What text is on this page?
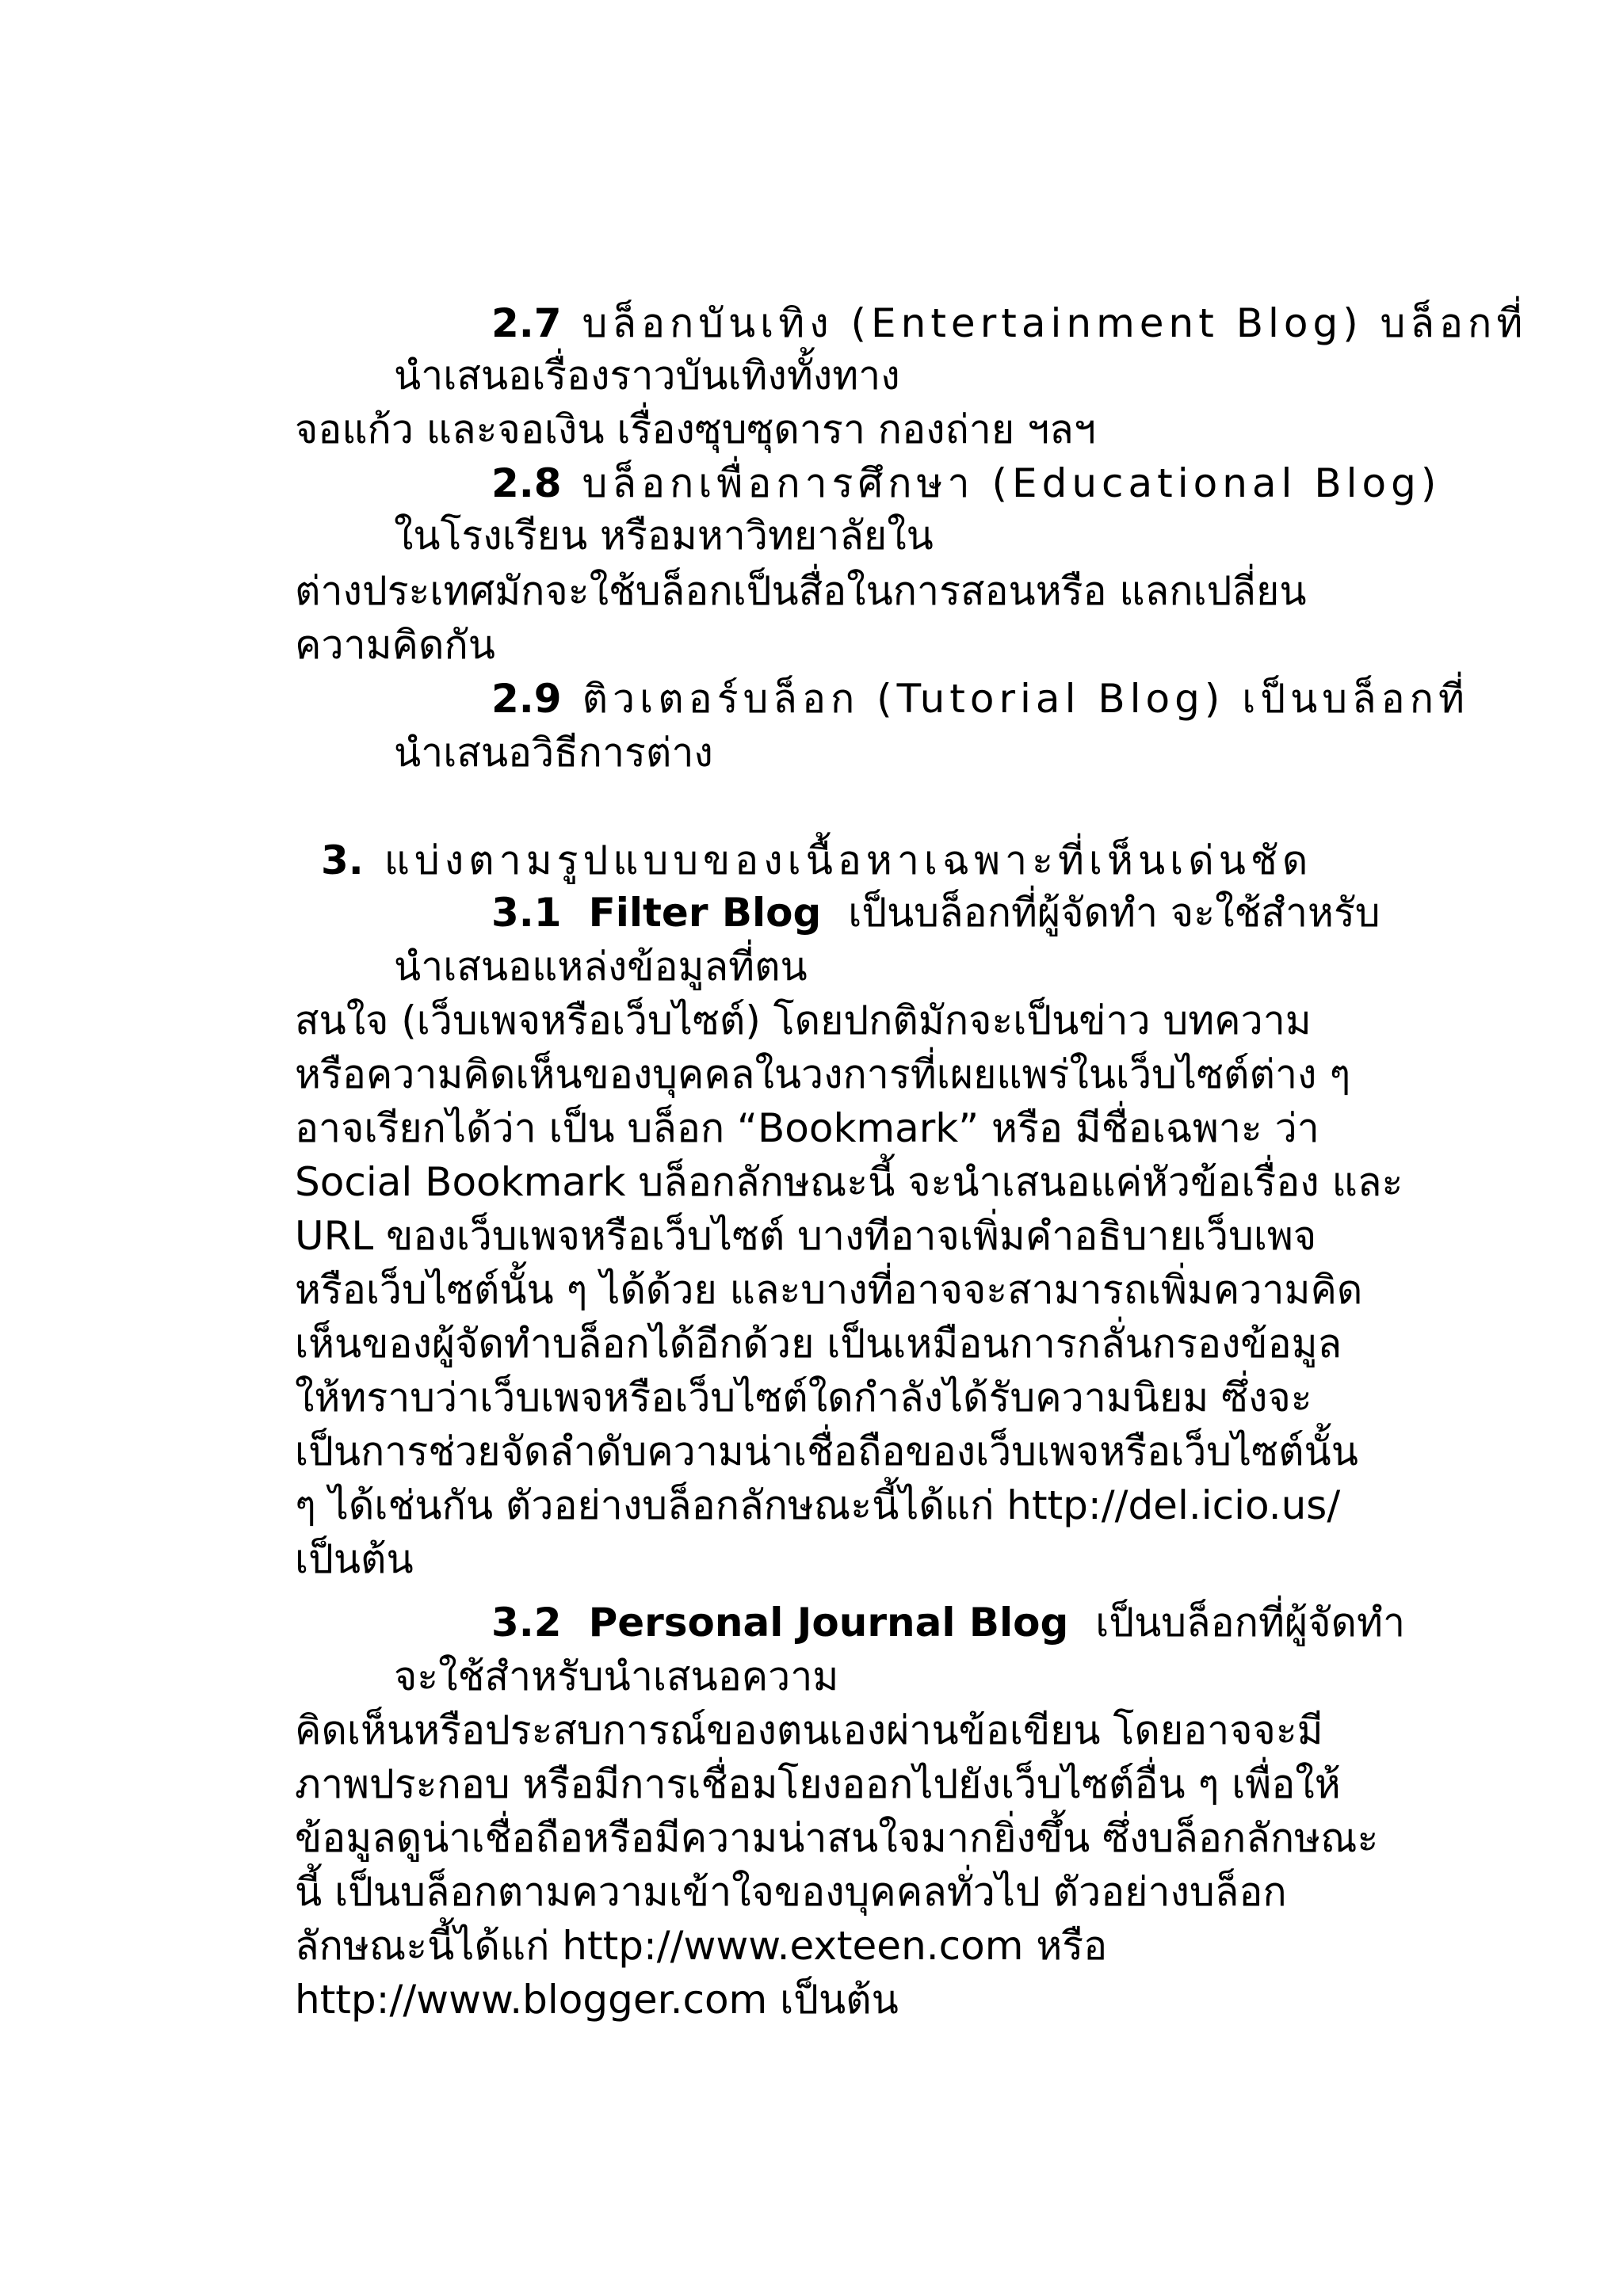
2.7 บล็อกบันเทิง (Entertainment Blog) บล็อกที่
นำเสนอเรื่องราวบันเทิงทั้งทาง
จอแก้ว และจอเงิน เรื่องซุบซุดารา กองถ่าย ฯลฯ
2.8 บล็อกเพื่อการศึกษา (Educational Blog)
ในโรงเรียน หรือมหาวิทยาลัยใน
ต่างประเทศมักจะใช้บล็อกเป็นสื่อในการสอนหรือ แลกเปลี่ยน
ความคิดกัน
2.9 ติวเตอร์บล็อก (Tutorial Blog) เป็นบล็อกที่
นำเสนอวิธีการต่าง
3. แบ่งตามรูปแบบของเนื้อหาเฉพาะที่เห็นเด่นชัด
3.1 Filter Blog เป็นบล็อกที่ผู้จัดทำ จะใช้สำหรับ
นำเสนอแหล่งข้อมูลที่ตน
สนใจ (เว็บเพจหรือเว็บไซต์) โดยปกติมักจะเป็นข่าว บทความ
หรือความคิดเห็นของบุคคลในวงการที่เผยแพร่ในเว็บไซต์ต่าง ๆ
อาจเรียกได้ว่า เป็น บล็อก “Bookmark” หรือ มีชื่อเฉพาะ ว่า
Social Bookmark บล็อกลักษณะนี้ จะนำเสนอแค่หัวข้อเรื่อง และ
URL ของเว็บเพจหรือเว็บไซต์ บางทีอาจเพิ่มคำอธิบายเว็บเพจ
หรือเว็บไซต์นั้น ๆ ได้ด้วย และบางที่อาจจะสามารถเพิ่มความคิด
เห็นของผู้จัดทำบล็อกได้อีกด้วย เป็นเหมือนการกลั่นกรองข้อมูล
ให้ทราบว่าเว็บเพจหรือเว็บไซต์ใดกำลังได้รับความนิยม ซึ่งจะ
เป็นการช่วยจัดลำดับความน่าเชื่อถือของเว็บเพจหรือเว็บไซต์นั้น
ๆ ได้เช่นกัน ตัวอย่างบล็อกลักษณะนี้ได้แก่ http://del.icio.us/
เป็นต้น
3.2 Personal Journal Blog เป็นบล็อกที่ผู้จัดทำ
จะใช้สำหรับนำเสนอความ
คิดเห็นหรือประสบการณ์ของตนเองผ่านข้อเขียน โดยอาจจะมี
ภาพประกอบ หรือมีการเชื่อมโยงออกไปยังเว็บไซต์อื่น ๆ เพื่อให้
ข้อมูลดูน่าเชื่อถือหรือมีความน่าสนใจมากยิ่งขึ้น ซึ่งบล็อกลักษณะ
นี้ เป็นบล็อกตามความเข้าใจของบุคคลทั่วไป ตัวอย่างบล็อก
ลักษณะนี้ได้แก่ http://www.exteen.com หรือ
http://www.blogger.com เป็นต้น
